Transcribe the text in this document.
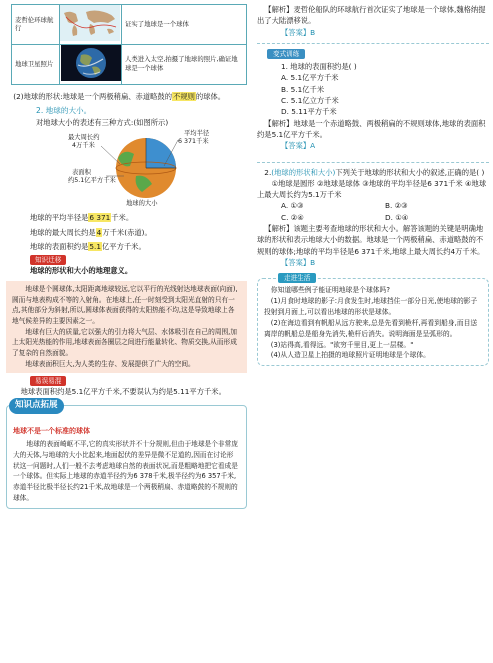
麦哲伦环球航行		证实了地球是一个球体
地球卫星照片		人类进入太空,拍摄了地球的照片,确证地球是一个球体

(2)地球的形状:地球是一个两极稍扁、赤道略鼓的不规则的球体。

2. 地球的大小。

对地球大小的表述有三种方式:(如图所示)

最大周长约
4万千米
平均半径
6 371千米
表面积
约5.1亿平方千米
地球的大小

地球的平均半径是6 371千米。

地球的最大周长约是4万千米(赤道)。

地球的表面积约是5.1亿平方千米。

知识迁移
地球的形状和大小的地理意义。

地球是个圆球体,太阳距离地球较远,它以平行的光线射达地球表面(向面),圆而与地表构成不等的入射角。在地球上,任一时刻受到太阳光直射的只有一点,其他部分为斜射,所以,圆球体表面获得的太阳热能不均,这是导致地球上各地气候差异的主要因素之一。

地球有巨大的质量,它以强大的引力将大气层、水体吸引在自己的周围,加上太阳光热能的作用,地球表面各圈层之间进行能量转化、物质交换,从而形成了复杂的自然面貌。

地球表面积巨大,为人类的生存、发展提供了广大的空间。

易误易混

地球表面积约是5.1亿平方千米,不要误认为约是5.11平方千米。

知识点拓展
地球不是一个标准的球体

地球的表面崎岖不平,它的真实形状并不十分规则,但由于地球是个非常庞大的天体,与地球的大小比起来,地面起伏的差异是微不足道的,因而在讨论形状这一问题时,人们一般不去考虑地球自然的表面状况,而是粗略地把它看成是一个球体。但实际上地球的赤道半径约为6 378千米,极半径约为6 357千米,赤道半径比极半径长约21千米,故地球是一个两极稍扁、赤道略鼓的不规则的球体。

【解析】麦哲伦船队的环球航行首次证实了地球是一个球体,魏格纳提出了大陆漂移说。

【答案】B
变式训练
1. 地球的表面积约是( )
A. 5.1亿平方千米
B. 5.1亿千米
C. 5.1亿立方千米
D. 5.11平方千米

【解析】地球是一个赤道略鼓、两极稍扁的不规则球体,地球的表面积约是5.1亿平方千米。

【答案】A

2.(地球的形状和大小)下列关于地球的形状和大小的叙述,正确的是( )

①地球是圆形 ②地球是球体 ③地球的平均半径是6 371千米 ④地球上最大周长约为5.1万千米

A. ①③	B. ②③
C. ②④	D. ①④

【解析】该题主要考查地球的形状和大小。解答该题的关键是明确地球的形状和表示地球大小的数据。地球是一个两极稍扁、赤道略鼓的不规则的球体;地球的平均半径是6 371千米,地球上最大周长约4万千米。

【答案】B
走进生活

你知道哪些例子能证明地球是个球体吗?

(1)月食时地球的影子:月食发生时,地球挡住一部分日光,使地球的影子投射到月面上,可以看出地球的形状是球体。

(2)在海边看到有帆船从远方驶来,总是先看到桅杆,再看到船身,而目送离岸的帆船总是船身先消失,桅杆后消失。说明海面是呈弧形的。

(3)站得高,看得远。"欲穷千里目,更上一层楼。"

(4)从人造卫星上拍摄的地球照片证明地球是个球体。
